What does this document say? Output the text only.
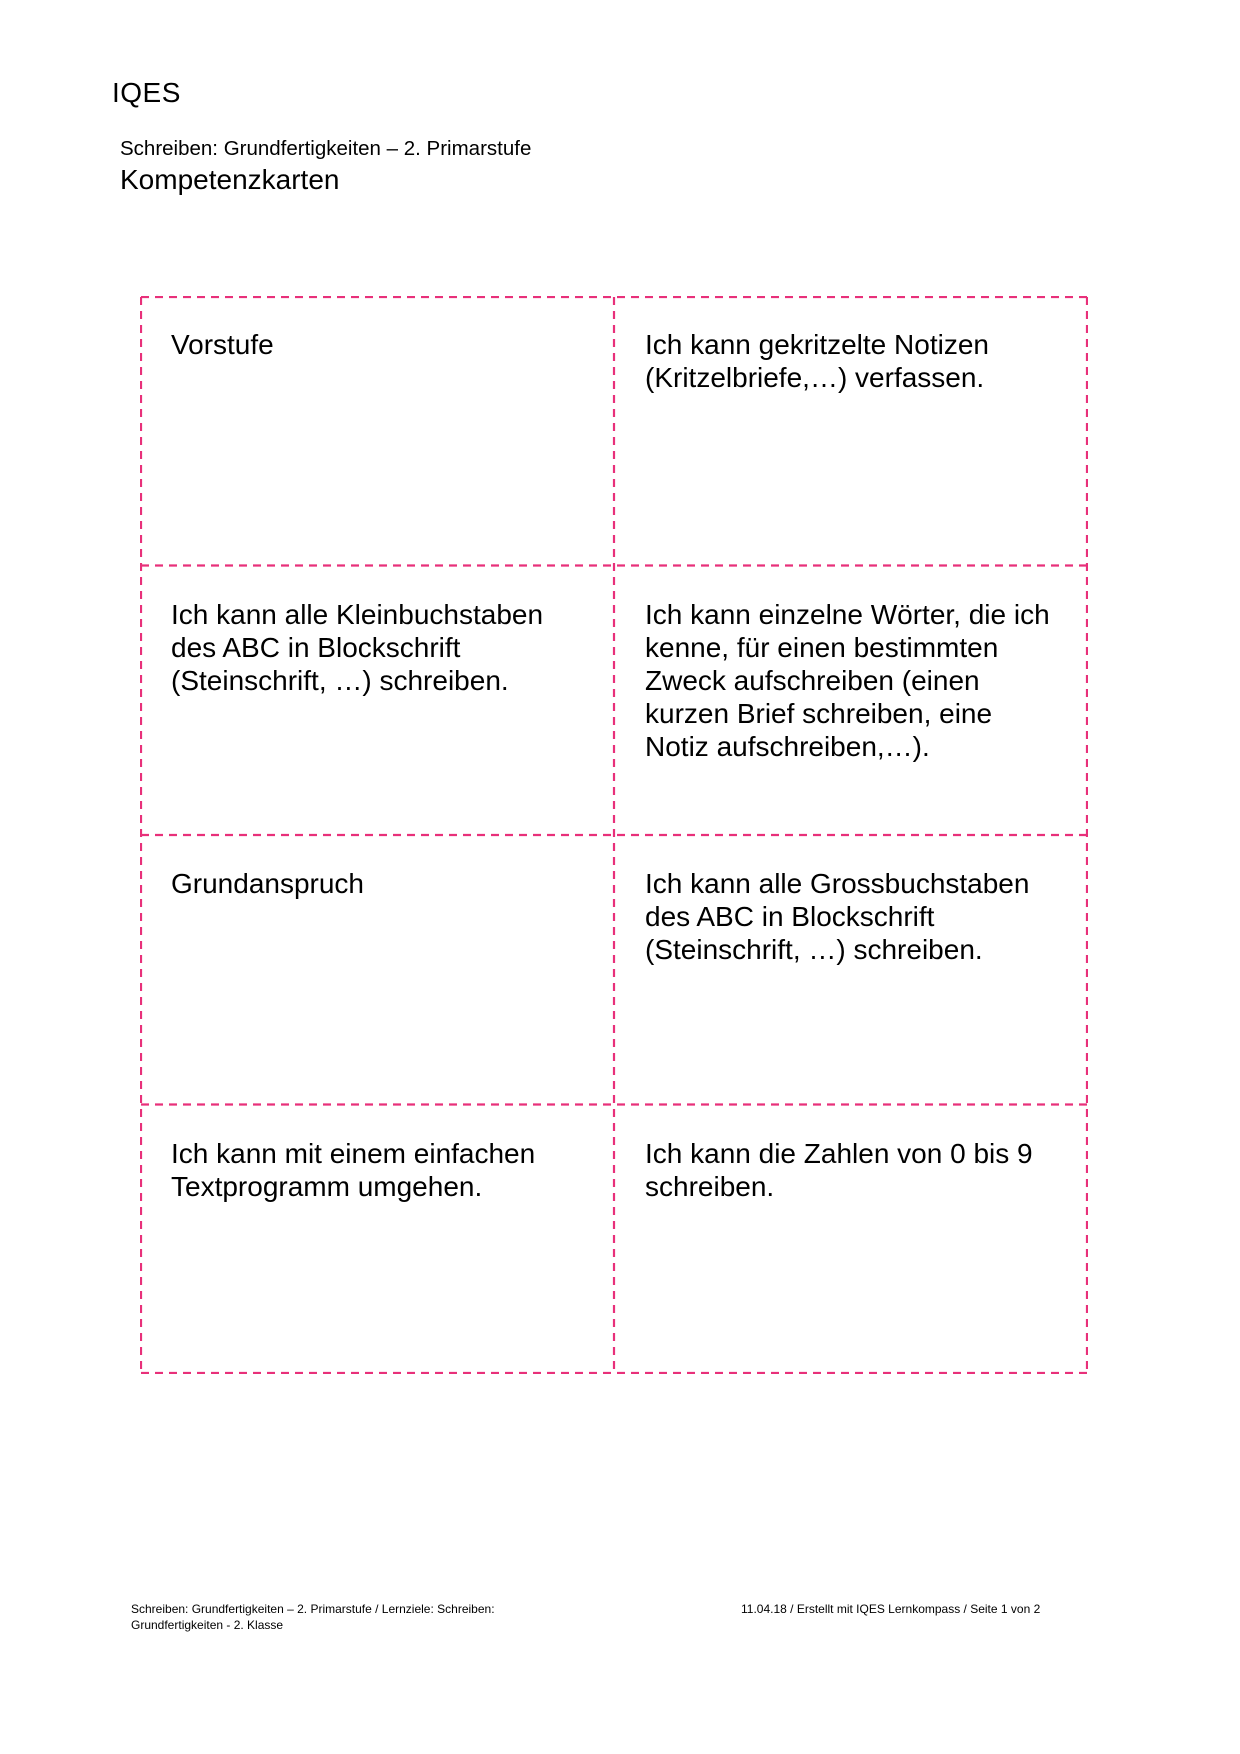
IQES
Schreiben: Grundfertigkeiten – 2. Primarstufe
Kompetenzkarten

Vorstufe	Ich kann gekritzelte Notizen (Kritzelbriefe,…) verfassen.

Ich kann alle Kleinbuchstaben des ABC in Blockschrift (Steinschrift, …) schreiben.

Ich kann einzelne Wörter, die ich kenne, für einen bestimmten Zweck aufschreiben (einen kurzen Brief schreiben, eine Notiz aufschreiben,…).

Grundanspruch	Ich kann alle Grossbuchstaben des ABC in Blockschrift (Steinschrift, …) schreiben.

Ich kann mit einem einfachen Textprogramm umgehen.

Ich kann die Zahlen von 0 bis 9 schreiben.

Schreiben: Grundfertigkeiten – 2. Primarstufe / Lernziele: Schreiben: Grundfertigkeiten - 2. Klasse
11.04.18 / Erstellt mit IQES Lernkompass / Seite 1 von 2
